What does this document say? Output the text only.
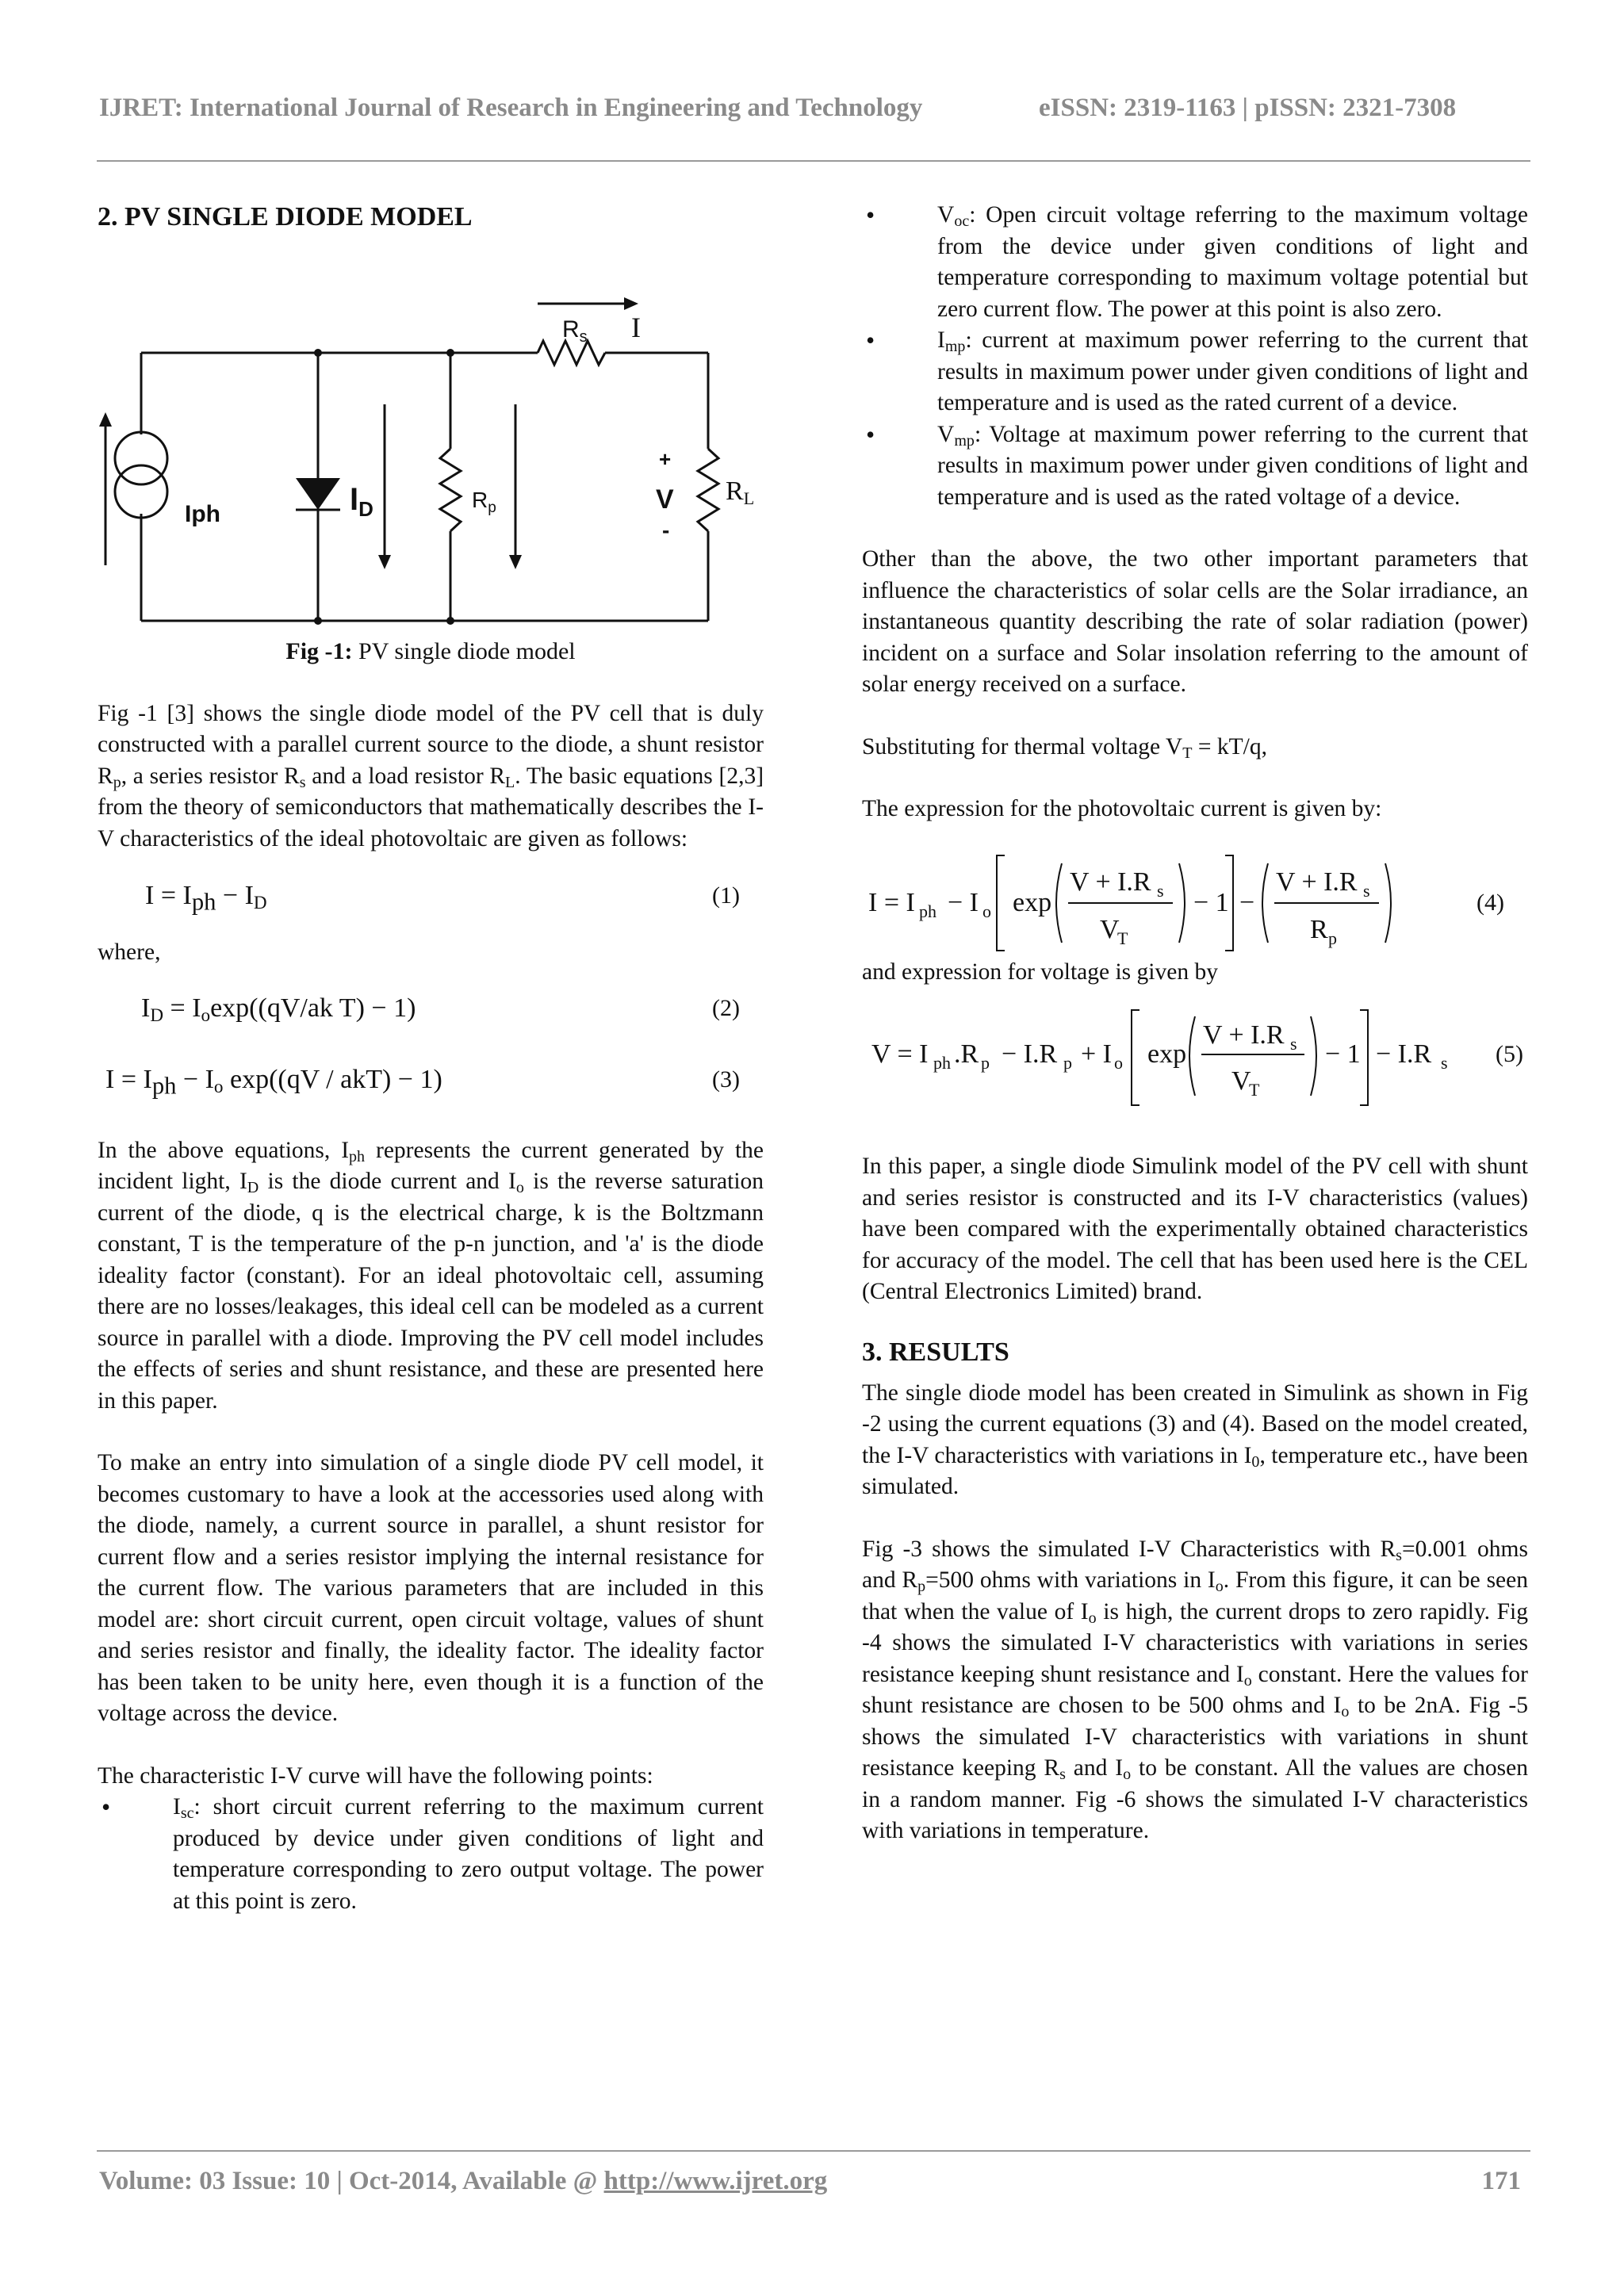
IJRET: International Journal of Research in Engineering and Technology	eISSN: 2319-1163 | pISSN: 2321-7308
2. PV SINGLE DIODE MODEL
$R_s$ I
Iph	$I_D$	$R_p$
+
V
-
RL
Fig -1: PV single diode model

Fig -1 [3] shows the single diode model of the PV cell that is duly constructed with a parallel current source to the diode, a shunt resistor $R_p$, a series resistor $R_s$ and a load resistor $R_L$. The basic equations [2,3] from the theory of semiconductors that mathematically describes the I-V characteristics of the ideal photovoltaic are given as follows:

$I = I_{ph} - I_D$	(1)

where,

$I_D = I_o\exp((qV/ak$ T) − 1)	(2)
$I = I_{ph} - I_o$ exp((qV / akT) − 1)	(3)

In the above equations, $I_{ph}$ represents the current generated by the incident light, $I_D$ is the diode current and $I_o$ is the reverse saturation current of the diode, q is the electrical charge, k is the Boltzmann constant, T is the temperature of the p-n junction, and 'a' is the diode ideality factor (constant). For an ideal photovoltaic cell, assuming there are no losses/leakages, this ideal cell can be modeled as a current source in parallel with a diode. Improving the PV cell model includes the effects of series and shunt resistance, and these are presented here in this paper.

To make an entry into simulation of a single diode PV cell model, it becomes customary to have a look at the accessories used along with the diode, namely, a current source in parallel, a shunt resistor for current flow and a series resistor implying the internal resistance for the current flow. The various parameters that are included in this model are: short circuit current, open circuit voltage, values of shunt and series resistor and finally, the ideality factor. The ideality factor has been taken to be unity here, even though it is a function of the voltage across the device.

The characteristic I-V curve will have the following points:

• $I_{sc}$: short circuit current referring to the maximum current produced by device under given conditions of light and temperature corresponding to zero output voltage. The power at this point is zero.
• $V_{oc}$: Open circuit voltage referring to the maximum voltage from the device under given conditions of light and temperature corresponding to maximum voltage potential but zero current flow. The power at this point is also zero.
• $I_{mp}$: current at maximum power referring to the current that results in maximum power under given conditions of light and temperature and is used as the rated current of a device.
• $V_{mp}$: Voltage at maximum power referring to the current that results in maximum power under given conditions of light and temperature and is used as the rated voltage of a device.

Other than the above, the two other important parameters that influence the characteristics of solar cells are the Solar irradiance, an instantaneous quantity describing the rate of solar radiation (power) incident on a surface and Solar insolation referring to the amount of solar energy received on a surface.

Substituting for thermal voltage $V_T = kT/q$,

The expression for the photovoltaic current is given by:

I = I ph − I o exp
V + I.R s
V
T
− 1 −
V + I.R s
R p
(4)

and expression for voltage is given by

V = I ph .R p − I.R p + I o exp
V + I.R s
V
T
− 1 − I.R s (5)

In this paper, a single diode Simulink model of the PV cell with shunt and series resistor is constructed and its I-V characteristics (values) have been compared with the experimentally obtained characteristics for accuracy of the model. The cell that has been used here is the CEL (Central Electronics Limited) brand.

3. RESULTS

The single diode model has been created in Simulink as shown in Fig -2 using the current equations (3) and (4). Based on the model created, the I-V characteristics with variations in $I_0$, temperature etc., have been simulated.

Fig -3 shows the simulated I-V Characteristics with $R_s=0.001$ ohms and $R_p=500$ ohms with variations in $I_o$. From this figure, it can be seen that when the value of $I_o$ is high, the current drops to zero rapidly. Fig -4 shows the simulated I-V characteristics with variations in series resistance keeping shunt resistance and $I_o$ constant. Here the values for shunt resistance are chosen to be 500 ohms and $I_o$ to be 2nA. Fig -5 shows the simulated I-V characteristics with variations in shunt resistance keeping $R_s$ and $I_o$ to be constant. All the values are chosen in a random manner. Fig -6 shows the simulated I-V characteristics with variations in temperature.

Volume: 03 Issue: 10 | Oct-2014, Available @ http://www.ijret.org	171
